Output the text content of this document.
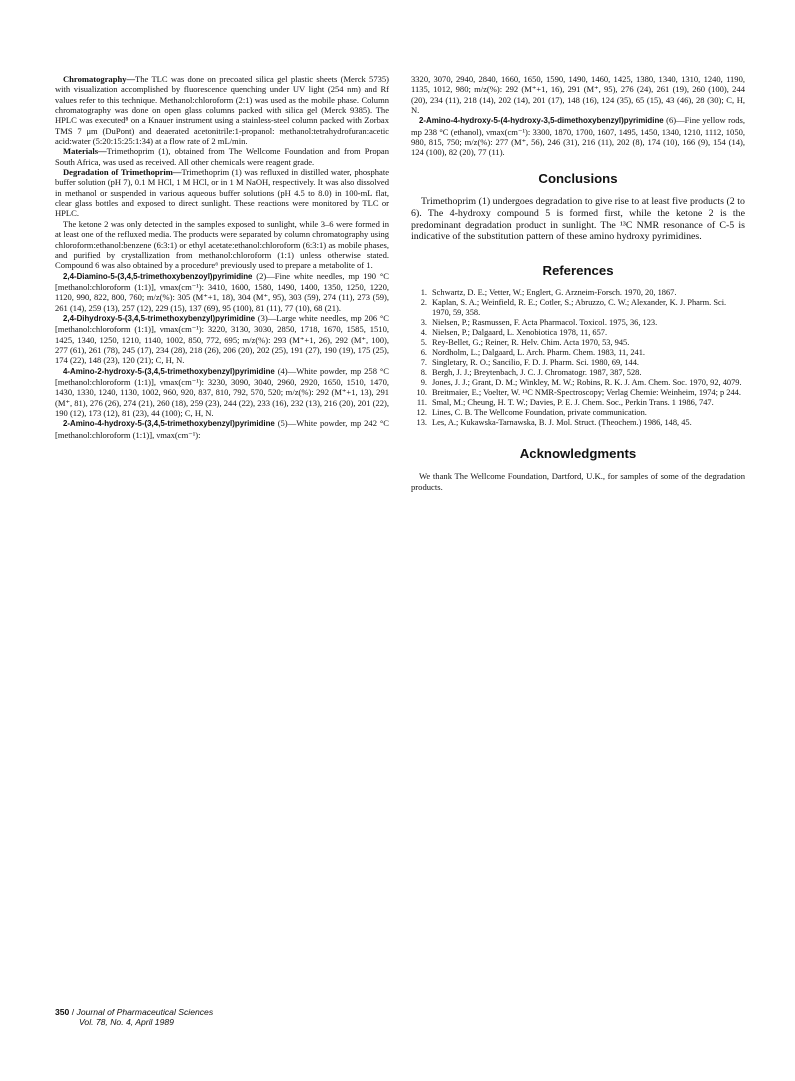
Chromatography—The TLC was done on precoated silica gel plastic sheets (Merck 5735) with visualization accomplished by fluorescence quenching under UV light (254 nm) and Rf values refer to this technique. Methanol:chloroform (2:1) was used as the mobile phase. Column chromatography was done on open glass columns packed with silica gel (Merck 9385). The HPLC was executed⁸ on a Knauer instrument using a stainless-steel column packed with Zorbax TMS 7 μm (DuPont) and deaerated acetonitrile:1-propanol: methanol:tetrahydrofuran:acetic acid:water (5:20:15:25:1:34) at a flow rate of 2 mL/min.

Materials—Trimethoprim (1), obtained from The Wellcome Foundation and from Propan South Africa, was used as received. All other chemicals were reagent grade.

Degradation of Trimethoprim—Trimethoprim (1) was refluxed in distilled water, phosphate buffer solution (pH 7), 0.1 M HCl, 1 M HCl, or in 1 M NaOH, respectively. It was also dissolved in methanol or suspended in various aqueous buffer solutions (pH 4.5 to 8.0) in 100-mL flat, clear glass bottles and exposed to direct sunlight. These reactions were monitored by TLC or HPLC.

The ketone 2 was only detected in the samples exposed to sunlight, while 3–6 were formed in at least one of the refluxed media. The products were separated by column chromatography using chloroform:ethanol:benzene (6:3:1) or ethyl acetate:ethanol:chloroform (6:3:1) as mobile phases, and purified by crystallization from methanol:chloroform (1:1) unless otherwise stated. Compound 6 was also obtained by a procedure⁶ previously used to prepare a metabolite of 1.

2,4-Diamino-5-(3,4,5-trimethoxybenzoyl)pyrimidine (2)—Fine white needles, mp 190 °C [methanol:chloroform (1:1)], νmax(cm⁻¹): 3410, 1600, 1580, 1490, 1400, 1350, 1250, 1220, 1120, 990, 822, 800, 760; m/z(%): 305 (M⁺+1, 18), 304 (M⁺, 95), 303 (59), 274 (11), 273 (59), 261 (14), 259 (13), 257 (12), 229 (15), 137 (69), 95 (100), 81 (11), 77 (10), 68 (21).

2,4-Dihydroxy-5-(3,4,5-trimethoxybenzyl)pyrimidine (3)—Large white needles, mp 206 °C [methanol:chloroform (1:1)], νmax(cm⁻¹): 3220, 3130, 3030, 2850, 1718, 1670, 1585, 1510, 1425, 1340, 1250, 1210, 1140, 1002, 850, 772, 695; m/z(%): 293 (M⁺+1, 26), 292 (M⁺, 100), 277 (61), 261 (78), 245 (17), 234 (28), 218 (26), 206 (20), 202 (25), 191 (27), 190 (19), 175 (25), 174 (22), 148 (23), 120 (21); C, H, N.

4-Amino-2-hydroxy-5-(3,4,5-trimethoxybenzyl)pyrimidine (4)—White powder, mp 258 °C [methanol:chloroform (1:1)], νmax(cm⁻¹): 3230, 3090, 3040, 2960, 2920, 1650, 1510, 1470, 1430, 1330, 1240, 1130, 1002, 960, 920, 837, 810, 792, 570, 520; m/z(%): 292 (M⁺+1, 13), 291 (M⁺, 81), 276 (26), 274 (21), 260 (18), 259 (23), 244 (22), 233 (16), 232 (13), 216 (20), 201 (22), 190 (12), 173 (12), 81 (23), 44 (100); C, H, N.

2-Amino-4-hydroxy-5-(3,4,5-trimethoxybenzyl)pyrimidine (5)—White powder, mp 242 °C [methanol:chloroform (1:1)], νmax(cm⁻¹):

3320, 3070, 2940, 2840, 1660, 1650, 1590, 1490, 1460, 1425, 1380, 1340, 1310, 1240, 1190, 1135, 1012, 980; m/z(%): 292 (M⁺+1, 16), 291 (M⁺, 95), 276 (24), 261 (19), 260 (100), 244 (20), 234 (11), 218 (14), 202 (14), 201 (17), 148 (16), 124 (35), 65 (15), 43 (46), 28 (30); C, H, N.

2-Amino-4-hydroxy-5-(4-hydroxy-3,5-dimethoxybenzyl)pyrimidine (6)—Fine yellow rods, mp 238 °C (ethanol), νmax(cm⁻¹): 3300, 1870, 1700, 1607, 1495, 1450, 1340, 1210, 1112, 1050, 980, 815, 750; m/z(%): 277 (M⁺, 56), 246 (31), 216 (11), 202 (8), 174 (10), 166 (9), 154 (14), 124 (100), 82 (20), 77 (11).

Conclusions

Trimethoprim (1) undergoes degradation to give rise to at least five products (2 to 6). The 4-hydroxy compound 5 is formed first, while the ketone 2 is the predominant degradation product in sunlight. The ¹³C NMR resonance of C-5 is indicative of the substitution pattern of these amino hydroxy pyrimidines.

References
1. Schwartz, D. E.; Vetter, W.; Englert, G. Arzneim-Forsch. 1970, 20, 1867.
2. Kaplan, S. A.; Weinfield, R. E.; Cotler, S.; Abruzzo, C. W.; Alexander, K. J. Pharm. Sci. 1970, 59, 358.
3. Nielsen, P.; Rasmussen, F. Acta Pharmacol. Toxicol. 1975, 36, 123.
4. Nielsen, P.; Dalgaard, L. Xenobiotica 1978, 11, 657.
5. Rey-Bellet, G.; Reiner, R. Helv. Chim. Acta 1970, 53, 945.
6. Nordholm, L.; Dalgaard, L. Arch. Pharm. Chem. 1983, 11, 241.
7. Singletary, R. O.; Sancilio, F. D. J. Pharm. Sci. 1980, 69, 144.
8. Bergh, J. J.; Breytenbach, J. C. J. Chromatogr. 1987, 387, 528.
9. Jones, J. J.; Grant, D. M.; Winkley, M. W.; Robins, R. K. J. Am. Chem. Soc. 1970, 92, 4079.
10. Breitmaier, E.; Voelter, W. ¹³C NMR-Spectroscopy; Verlag Chemie: Weinheim, 1974; p 244.
11. Smal, M.; Cheung, H. T. W.; Davies, P. E. J. Chem. Soc., Perkin Trans. 1 1986, 747.
12. Lines, C. B. The Wellcome Foundation, private communication.
13. Les, A.; Kukawska-Tarnawska, B. J. Mol. Struct. (Theochem.) 1986, 148, 45.
Acknowledgments

We thank The Wellcome Foundation, Dartford, U.K., for samples of some of the degradation products.

350 / Journal of Pharmaceutical Sciences
Vol. 78, No. 4, April 1989
